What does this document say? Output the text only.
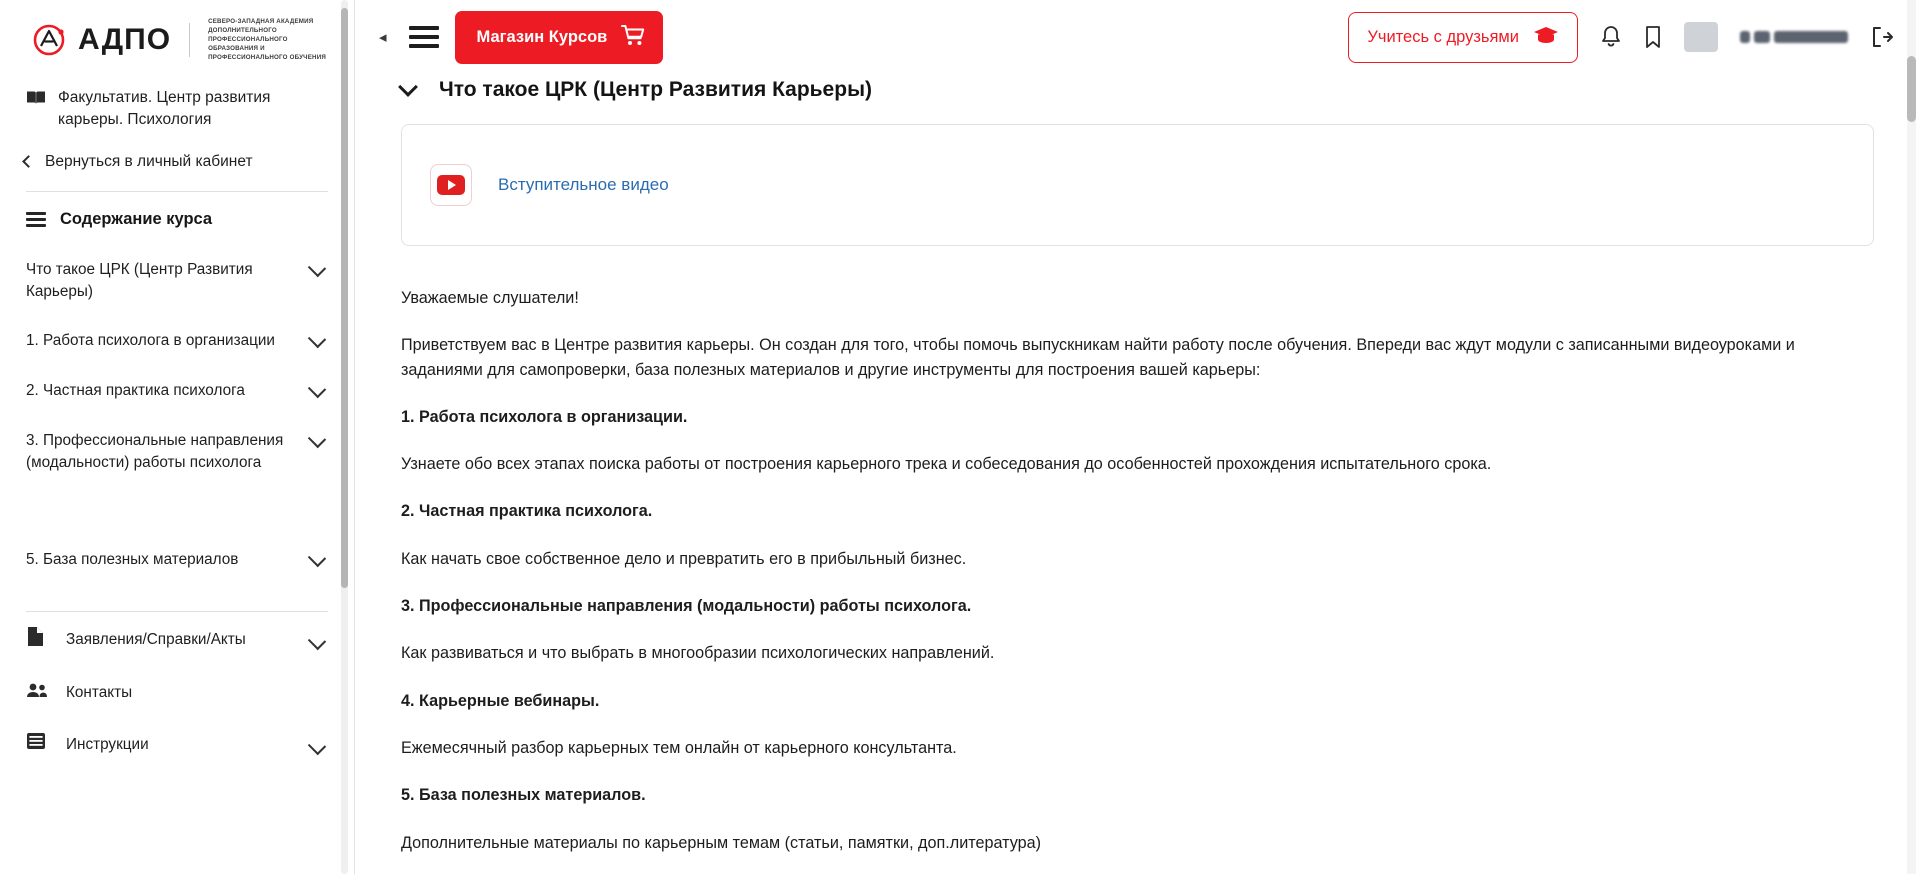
АДПО
СЕВЕРО-ЗАПАДНАЯ АКАДЕМИЯ ДОПОЛНИТЕЛЬНОГО ПРОФЕССИОНАЛЬНОГО ОБРАЗОВАНИЯ И ПРОФЕССИОНАЛЬНОГО ОБУЧЕНИЯ
Факультатив. Центр развития карьеры. Психология
Вернуться в личный кабинет
Содержание курса
Что такое ЦРК (Центр Развития Карьеры)
1. Работа психолога в организации
2. Частная практика психолога
3. Профессиональные направления (модальности) работы психолога
5. База полезных материалов
Заявления/Справки/Акты
Контакты
Инструкции
◂	Магазин Курсов	Учитесь с друзьями
Что такое ЦРК (Центр Развития Карьеры)
Вступительное видео

Уважаемые слушатели!

Приветствуем вас в Центре развития карьеры. Он создан для того, чтобы помочь выпускникам найти работу после обучения. Впереди вас ждут модули с записанными видеоуроками и заданиями для самопроверки, база полезных материалов и другие инструменты для построения вашей карьеры:

1. Работа психолога в организации.

Узнаете обо всех этапах поиска работы от построения карьерного трека и собеседования до особенностей прохождения испытательного срока.

2. Частная практика психолога.

Как начать свое собственное дело и превратить его в прибыльный бизнес.

3. Профессиональные направления (модальности) работы психолога.

Как развиваться и что выбрать в многообразии психологических направлений.

4. Карьерные вебинары.

Ежемесячный разбор карьерных тем онлайн от карьерного консультанта.

5. База полезных материалов.

Дополнительные материалы по карьерным темам (статьи, памятки, доп.литература)
